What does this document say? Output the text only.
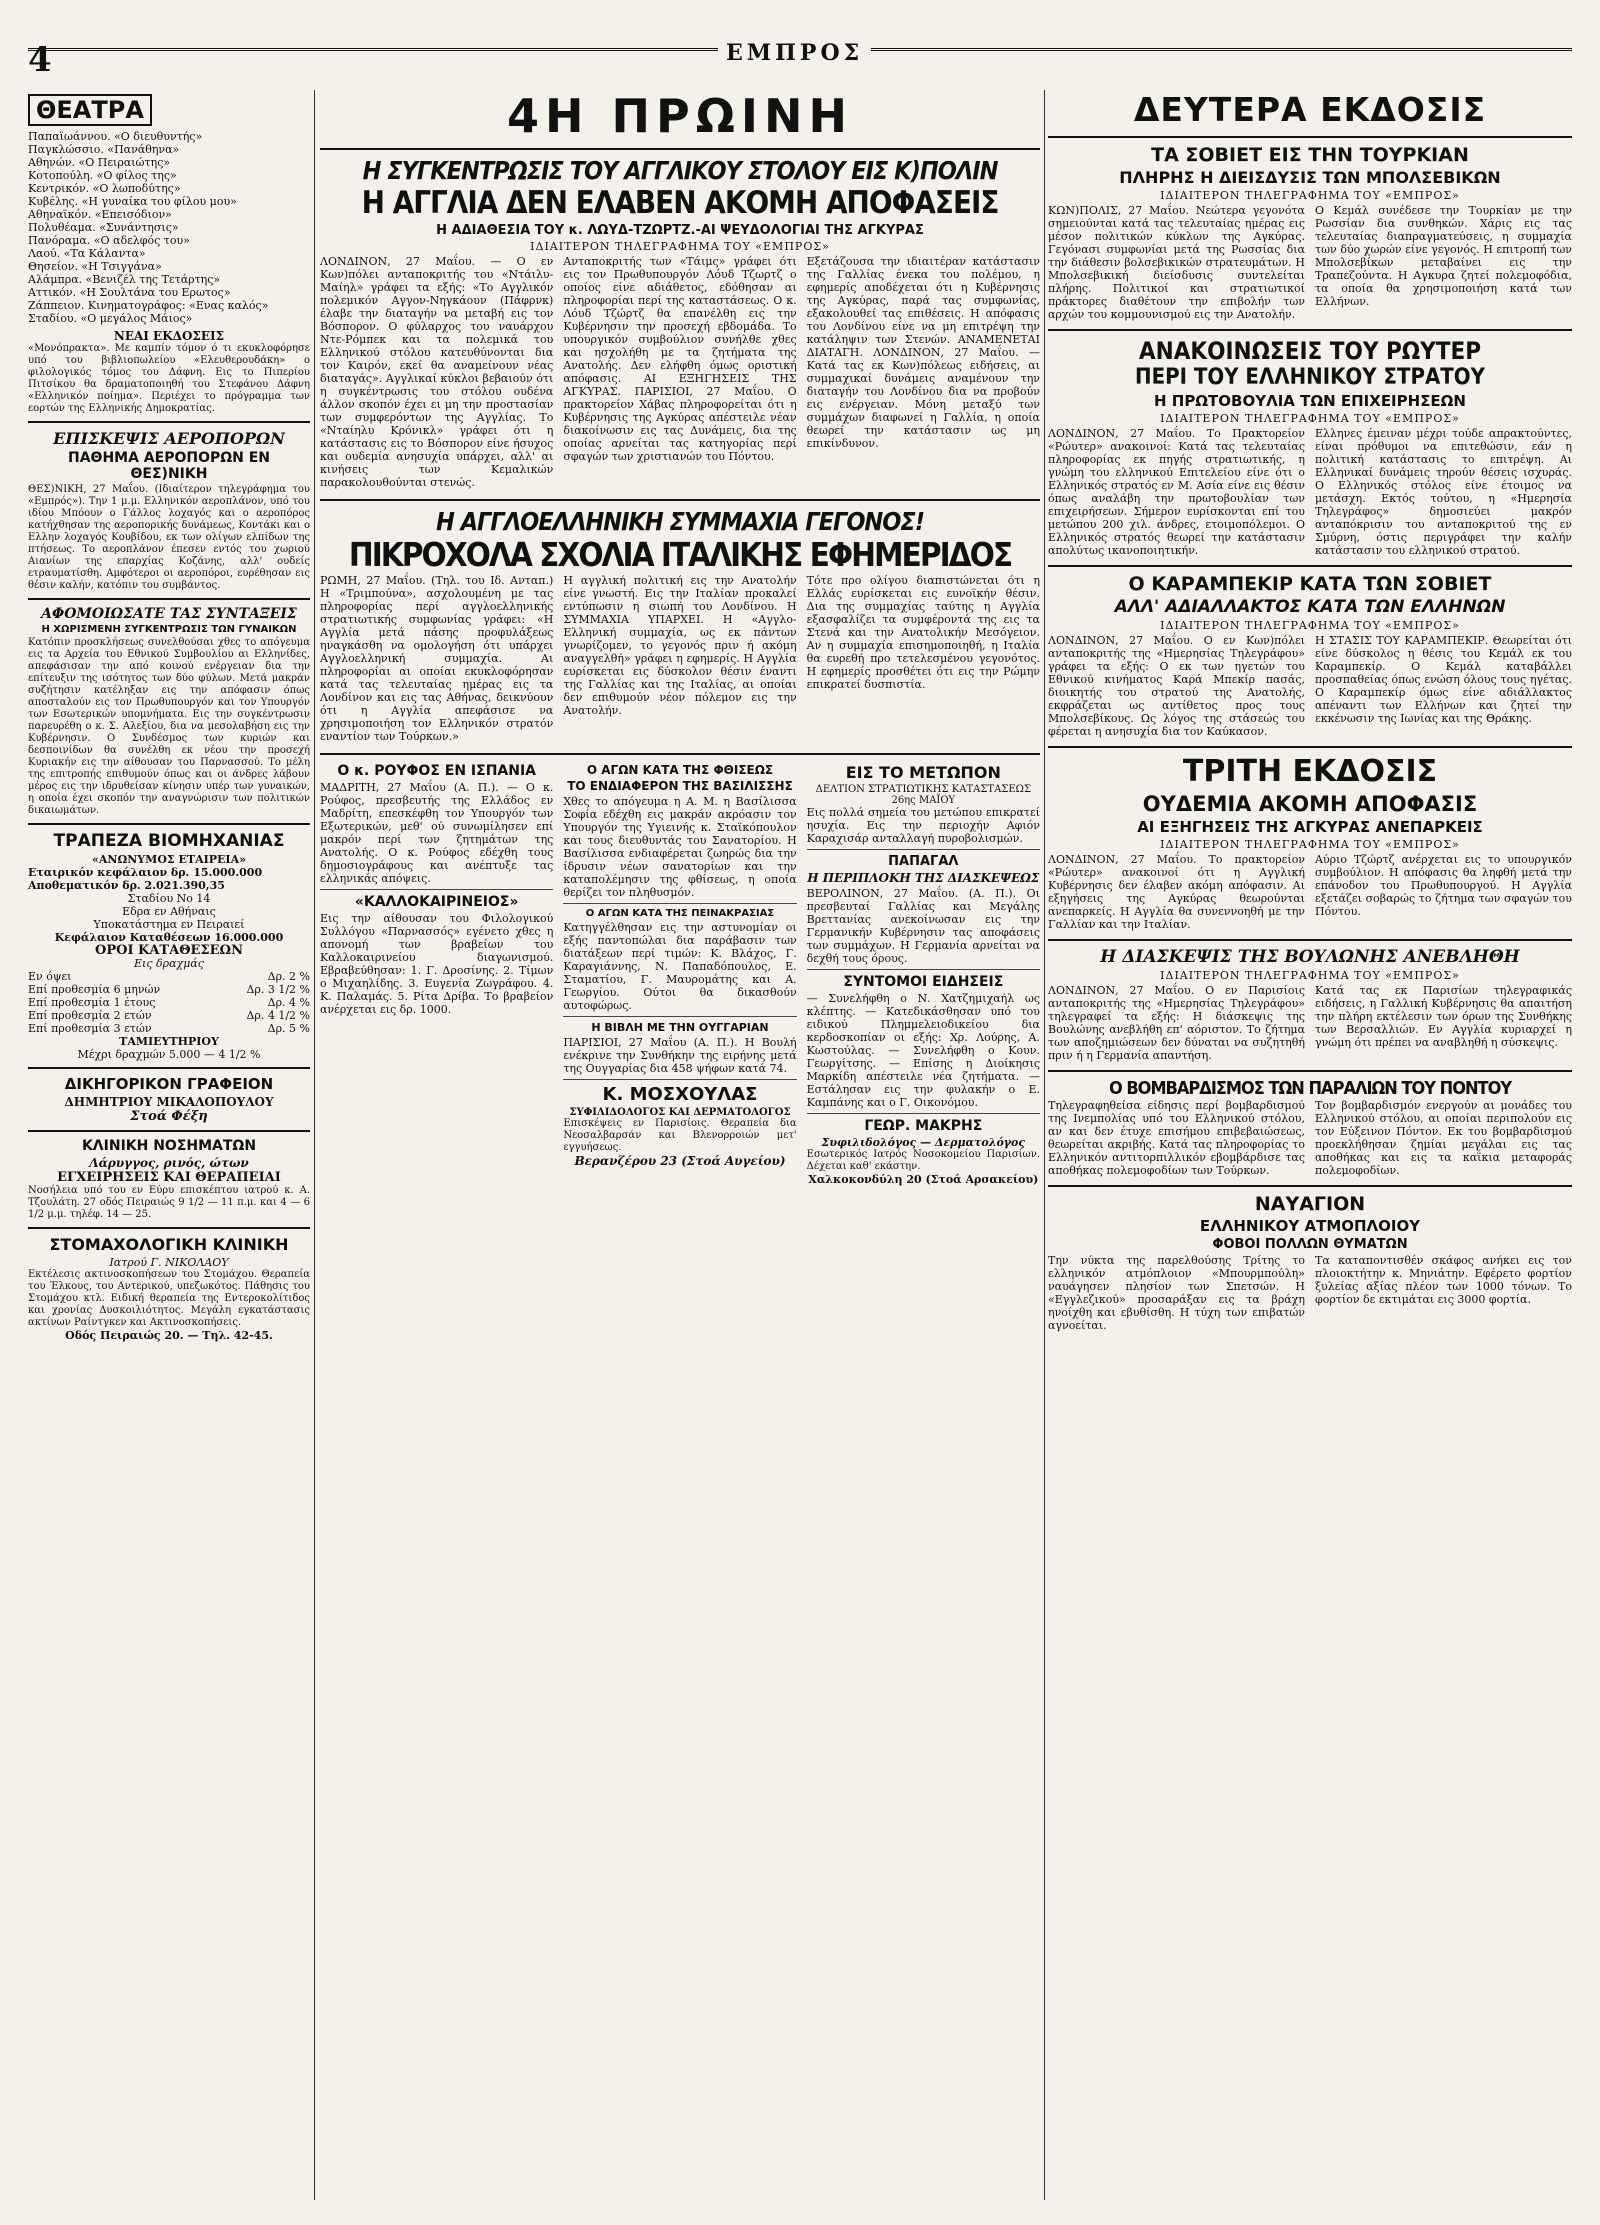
4	ΕΜΠΡΟΣ
ΘΕΑΤΡΑ
Παπαϊωάννου. «Ο διευθυντής»
Παγκλώσσιο. «Πανάθηνα»
Αθηνών. «Ο Πειραιώτης»
Κοτοπούλη. «Ο φίλος της»
Κεντρικόν. «Ο λωποδύτης»
Κυβέλης. «Η γυναίκα του φίλου μου»
Αθηναϊκόν. «Επεισόδιον»
Πολυθέαμα. «Συνάντησις»
Πανόραμα. «Ο αδελφός του»
Λαού. «Τα Κάλαντα»
Θησείον. «Η Τσιγγάνα»
Αλάμπρα. «Βενιζέλ της Τετάρτης»
Αττικόν. «Η Σουλτάνα του Ερωτος»
Ζάππειον. Κινηματογράφος: «Ενας καλός»
Σταδίου. «Ο μεγάλος Μάιος»
ΝΕΑΙ ΕΚΔΟΣΕΙΣ

«Μονόπρακτα». Με καμπίν τόμον ό τι εκυκλοφόρησε υπό του βιβλιοπωλείου «Ελευθερουδάκη» ο φιλολογικός τόμος του Δάφνη. Εις το Πιπερίου Πιτσίκου θα δραματοποιηθή του Στεφάνου Δάφνη «Ελληνικόν ποίημα». Περιέχει το πρόγραμμα των εορτών της Ελληνικής Δημοκρατίας.

ΕΠΙΣΚΕΨΙΣ ΑΕΡΟΠΟΡΩΝ
ΠΑΘΗΜΑ ΑΕΡΟΠΟΡΩΝ ΕΝ ΘΕΣ)ΝΙΚΗ

ΘΕΣ)ΝΙΚΗ, 27 Μαΐου. (Ιδιαίτερον τηλεγράφημα του «Εμπρός»). Την 1 μ.μ. Ελληνικόν αεροπλάνον, υπό του ιδίου Μπόουν ο Γάλλος λοχαγός και ο αεροπόρος κατήχθησαν της αεροπορικής δυνάμεως, Κοντάκι και ο Ελλην λοχαγός Κουβίδου, εκ των ολίγων ελπίδων της πτήσεως. Το αεροπλάνον έπεσεν εντός του χωριού Αιανίων της επαρχίας Κοζάνης, αλλ' ουδείς ετραυματίσθη. Αμφότεροι οι αεροπόροι, ευρέθησαν εις θέσιν καλήν, κατόπιν του συμβάντος.

ΑΦΟΜΟΙΩΣΑΤΕ ΤΑΣ ΣΥΝΤΑΞΕΙΣ
Η ΧΩΡΙΣΜΕΝΗ ΣΥΓΚΕΝΤΡΩΣΙΣ ΤΩΝ ΓΥΝΑΙΚΩΝ

Κατόπιν προσκλήσεως συνελθούσαι χθες το απόγευμα εις τα Αρχεία του Εθνικού Συμβουλίου αι Ελληνίδες, απεφάσισαν την από κοινού ενέργειαν δια την επίτευξιν της ισότητος των δύο φύλων. Μετά μακράν συζήτησιν κατέληξαν εις την απόφασιν όπως αποσταλούν εις τον Πρωθυπουργόν και τον Υπουργόν των Εσωτερικών υπομνήματα. Εις την συγκέντρωσιν παρευρέθη ο κ. Σ. Αλεξίου, δια να μεσολαβήση εις την Κυβέρνησιν. Ο Συνδέσμος των κυριών και δεσποινίδων θα συνέλθη εκ νέου την προσεχή Κυριακήν εις την αίθουσαν του Παρνασσού. Το μέλη της επιτροπής επιθυμούν όπως και οι άνδρες λάβουν μέρος εις την ιδρυθείσαν κίνησιν υπέρ των γυναικών, η οποία έχει σκοπόν την αναγνώρισιν των πολιτικών δικαιωμάτων.

ΤΡΑΠΕΖΑ ΒΙΟΜΗΧΑΝΙΑΣ
«ΑΝΩΝΥΜΟΣ ΕΤΑΙΡΕΙΑ»
Εταιρικόν κεφάλαιον δρ. 15.000.000
Αποθεματικόν δρ. 2.021.390,35
Σταδίου Νο 14
Εδρα εν Αθήναις
Υποκατάστημα εν Πειραιεί
Κεφάλαιον Καταθέσεων 16.000.000
ΟΡΟΙ ΚΑΤΑΘΕΣΕΩΝ
Εις δραχμάς
Εν όψει	Δρ. 2 %
Επί προθεσμία 6 μηνών	Δρ. 3 1/2 %
Επί προθεσμία 1 έτους	Δρ. 4 %
Επί προθεσμία 2 ετών	Δρ. 4 1/2 %
Επί προθεσμία 3 ετών	Δρ. 5 %
ΤΑΜΙΕΥΤΗΡΙΟΥ
Μέχρι δραχμών 5.000 — 4 1/2 %
ΔΙΚΗΓΟΡΙΚΟΝ ΓΡΑΦΕΙΟΝ
ΔΗΜΗΤΡΙΟΥ ΜΙΚΑΛΟΠΟΥΛΟΥ
Στοά Φέξη
ΚΛΙΝΙΚΗ ΝΟΣΗΜΑΤΩΝ
Λάρυγγος, ρινός, ώτων
ΕΓΧΕΙΡΗΣΕΙΣ ΚΑΙ ΘΕΡΑΠΕΙΑΙ

Νοσήλεια υπό του εν Εύρυ επισκέπτου ιατρού κ. Α. Τζουλάτη. 27 οδός Πειραιώς 9 1/2 — 11 π.μ. και 4 — 6 1/2 μ.μ. τηλέφ. 14 — 25.

ΣΤΟΜΑΧΟΛΟΓΙΚΗ ΚΛΙΝΙΚΗ
Ιατρού Γ. ΝΙΚΟΛΑΟΥ

Εκτέλεσις ακτινοσκοπήσεων του Στομάχου. Θεραπεία του Έλκους, του Αντερικού, υπεζωκότος. Πάθησις του Στομάχου κτλ. Ειδική θεραπεία της Εντεροκολίτιδος και χρονίας Δυσκοιλιότητος. Μεγάλη εγκατάστασις ακτίνων Ραίντγκεν και Ακτινοσκοπήσεις.

Οδός Πειραιώς 20. — Τηλ. 42-45.
4Η ΠΡΩΙΝΗ
Η ΣΥΓΚΕΝΤΡΩΣΙΣ ΤΟΥ ΑΓΓΛΙΚΟΥ ΣΤΟΛΟΥ ΕΙΣ Κ)ΠΟΛΙΝ
Η ΑΓΓΛΙΑ ΔΕΝ ΕΛΑΒΕΝ ΑΚΟΜΗ ΑΠΟΦΑΣΕΙΣ
Η ΑΔΙΑΘΕΣΙΑ ΤΟΥ κ. ΛΩΥΔ-ΤΖΩΡΤΖ.-ΑΙ ΨΕΥΔΟΛΟΓΙΑΙ ΤΗΣ ΑΓΚΥΡΑΣ
ΙΔΙΑΙΤΕΡΟΝ ΤΗΛΕΓΡΑΦΗΜΑ ΤΟΥ «ΕΜΠΡΟΣ»

ΛΟΝΔΙΝΟΝ, 27 Μαΐου. — Ο εν Κων)πόλει ανταποκριτής του «Ντάιλυ-Μαίηλ» γράφει τα εξής: «Το Αγγλικόν πολεμικόν Αγγον-Νηγκάουν (Πάφρνκ) έλαβε την διαταγήν να μεταβή εις τον Βόσπορον. Ο φύλαρχος του ναυάρχου Ντε-Ρόμπεκ και τα πολεμικά του Ελληνικού στόλου κατευθύνονται δια τον Καιρόν, εκεί θα αναμείνουν νέας διαταγάς». Αγγλικαί κύκλοι βεβαιούν ότι η συγκέντρωσις του στόλου ουδένα άλλον σκοπόν έχει ει μη την προστασίαν των συμφερόντων της Αγγλίας. Το «Νταίηλυ Κρόνικλ» γράφει ότι η κατάστασις εις το Βόσπορον είνε ήσυχος και ουδεμία ανησυχία υπάρχει, αλλ' αι κινήσεις των Κεμαλικών παρακολουθούνται στενώς.

Ανταποκριτής των «Τάιμς» γράφει ότι εις τον Πρωθυπουργόν Λόυδ Τζωρτζ ο οποίος είνε αδιάθετος, εδόθησαν αι πληροφορίαι περί της καταστάσεως. Ο κ. Λόυδ Τζώρτζ θα επανέλθη εις την Κυβέρνησιν την προσεχή εβδομάδα. Το υπουργικόν συμβούλιον συνήλθε χθες και ησχολήθη με τα ζητήματα της Ανατολής. Δεν ελήφθη όμως οριστική απόφασις. ΑΙ ΕΞΗΓΗΣΕΙΣ ΤΗΣ ΑΓΚΥΡΑΣ. ΠΑΡΙΣΙΟΙ, 27 Μαΐου. Ο πρακτορείον Χάβας πληροφορείται ότι η Κυβέρνησις της Αγκύρας απέστειλε νέαν διακοίνωσιν εις τας Δυνάμεις, δια της οποίας αρνείται τας κατηγορίας περί σφαγών των χριστιανών του Πόντου.

Εξετάζουσα την ιδιαιτέραν κατάστασιν της Γαλλίας ένεκα του πολέμου, η εφημερίς αποδέχεται ότι η Κυβέρνησις της Αγκύρας, παρά τας συμφωνίας, εξακολουθεί τας επιθέσεις. Η απόφασις του Λονδίνου είνε να μη επιτρέψη την κατάληψιν των Στενών. ΑΝΑΜΕΝΕΤΑΙ ΔΙΑΤΑΓΗ. ΛΟΝΔΙΝΟΝ, 27 Μαΐου. — Κατά τας εκ Κων)πόλεως ειδήσεις, αι συμμαχικαί δυνάμεις αναμένουν την διαταγήν του Λονδίνου δια να προβούν εις ενέργειαν. Μόνη μεταξύ των συμμάχων διαφωνεί η Γαλλία, η οποία θεωρεί την κατάστασιν ως μη επικίνδυνον.

Η ΑΓΓΛΟΕΛΛΗΝΙΚΗ ΣΥΜΜΑΧΙΑ ΓΕΓΟΝΟΣ!
ΠΙΚΡΟΧΟΛΑ ΣΧΟΛΙΑ ΙΤΑΛΙΚΗΣ ΕΦΗΜΕΡΙΔΟΣ

ΡΩΜΗ, 27 Μαΐου. (Τηλ. του Ιδ. Ανταπ.) Η «Τριμπούνα», ασχολουμένη με τας πληροφορίας περί αγγλοελληνικής στρατιωτικής συμφωνίας γράφει: «Η Αγγλία μετά πάσης προφυλάξεως ηναγκάσθη να ομολογήση ότι υπάρχει Αγγλοελληνική συμμαχία. Αι πληροφορίαι αι οποίαι εκυκλοφόρησαν κατά τας τελευταίας ημέρας εις τα Λονδίνον και εις τας Αθήνας, δεικνύουν ότι η Αγγλία απεφάσισε να χρησιμοποιήση τον Ελληνικόν στρατόν εναντίον των Τούρκων.»

Η αγγλική πολιτική εις την Ανατολήν είνε γνωστή. Εις την Ιταλίαν προκαλεί εντύπωσιν η σιωπή του Λονδίνου. Η ΣΥΜΜΑΧΙΑ ΥΠΑΡΧΕΙ. Η «Αγγλο-Ελληνική συμμαχία, ως εκ πάντων γνωρίζομεν, το γεγονός πριν ή ακόμη αναγγελθή» γράφει η εφημερίς. Η Αγγλία ευρίσκεται εις δύσκολον θέσιν έναντι της Γαλλίας και της Ιταλίας, αι οποίαι δεν επιθυμούν νέον πόλεμον εις την Ανατολήν.

Τότε προ ολίγου διαπιστώνεται ότι η Ελλάς ευρίσκεται εις ευνοϊκήν θέσιν. Δια της συμμαχίας ταύτης η Αγγλία εξασφαλίζει τα συμφέροντά της εις τα Στενά και την Ανατολικήν Μεσόγειον. Αν η συμμαχία επισημοποιηθή, η Ιταλία θα ευρεθή προ τετελεσμένου γεγονότος. Η εφημερίς προσθέτει ότι εις την Ρώμην επικρατεί δυσπιστία.

Ο κ. ΡΟΥΦΟΣ ΕΝ ΙΣΠΑΝΙΑ

ΜΑΔΡΙΤΗ, 27 Μαΐου (Α. Π.). — Ο κ. Ρούφος, πρεσβευτής της Ελλάδος εν Μαδρίτη, επεσκέφθη τον Υπουργόν των Εξωτερικών, μεθ' ού συνωμίλησεν επί μακρόν περί των ζητημάτων της Ανατολής. Ο κ. Ρούφος εδέχθη τους δημοσιογράφους και ανέπτυξε τας ελληνικάς απόψεις.

«ΚΑΛΛΟΚΑΙΡΙΝΕΙΟΣ»

Εις την αίθουσαν του Φιλολογικού Συλλόγου «Παρνασσός» εγένετο χθες η απονομή των βραβείων του Καλλοκαιρινείου διαγωνισμού. Εβραβεύθησαν: 1. Γ. Δροσίνης. 2. Τίμων ο Μιχαηλίδης. 3. Ευγενία Ζωγράφου. 4. Κ. Παλαμάς. 5. Ρίτα Δρίβα. Το βραβείον ανέρχεται εις δρ. 1000.

Ο ΑΓΩΝ ΚΑΤΑ ΤΗΣ ΦΘΙΣΕΩΣ
ΤΟ ΕΝΔΙΑΦΕΡΟΝ ΤΗΣ ΒΑΣΙΛΙΣΣΗΣ

Χθες το απόγευμα η Α. Μ. η Βασίλισσα Σοφία εδέχθη εις μακράν ακρόασιν τον Υπουργόν της Υγιεινής κ. Σταϊκόπουλον και τους διευθυντάς του Σανατορίου. Η Βασίλισσα ενδιαφέρεται ζωηρώς δια την ίδρυσιν νέων σανατορίων και την καταπολέμησιν της φθίσεως, η οποία θερίζει τον πληθυσμόν.

Ο ΑΓΩΝ ΚΑΤΑ ΤΗΣ ΠΕΙΝΑΚΡΑΣΙΑΣ

Κατηγγέλθησαν εις την αστυνομίαν οι εξής παντοπώλαι δια παράβασιν των διατάξεων περί τιμών: Κ. Βλάχος, Γ. Καραγιάννης, Ν. Παπαδόπουλος, Ε. Σταματίου, Γ. Μαυρομάτης και Α. Γεωργίου. Ούτοι θα δικασθούν αυτοφώρως.

Η ΒΙΒΛΗ ΜΕ ΤΗΝ ΟΥΓΓΑΡΙΑΝ

ΠΑΡΙΣΙΟΙ, 27 Μαΐου (Α. Π.). Η Βουλή ενέκρινε την Συνθήκην της ειρήνης μετά της Ουγγαρίας δια 458 ψήφων κατά 74.

Κ. ΜΟΣΧΟΥΛΑΣ
ΣΥΦΙΛΙΔΟΛΟΓΟΣ ΚΑΙ ΔΕΡΜΑΤΟΛΟΓΟΣ

Επισκέψεις εν Παρισίοις. Θεραπεία δια Νεοσαλβαρσάν και Βλενορροιών μετ' εγγυήσεως.

Βερανζέρου 23 (Στοά Αυγείου)
ΕΙΣ ΤΟ ΜΕΤΩΠΟΝ
ΔΕΛΤΙΟΝ ΣΤΡΑΤΙΩΤΙΚΗΣ ΚΑΤΑΣΤΑΣΕΩΣ 26ης ΜΑΪΟΥ

Εις πολλά σημεία του μετώπου επικρατεί ησυχία. Εις την περιοχήν Αφιόν Καραχισάρ ανταλλαγή πυροβολισμών.

ΠΑΠΑΓΑΛ
Η ΠΕΡΙΠΛΟΚΗ ΤΗΣ ΔΙΑΣΚΕΨΕΩΣ

ΒΕΡΟΛΙΝΟΝ, 27 Μαΐου. (Α. Π.). Οι πρεσβευταί Γαλλίας και Μεγάλης Βρεττανίας ανεκοίνωσαν εις την Γερμανικήν Κυβέρνησιν τας αποφάσεις των συμμάχων. Η Γερμανία αρνείται να δεχθή τους όρους.

ΣΥΝΤΟΜΟΙ ΕΙΔΗΣΕΙΣ

— Συνελήφθη ο Ν. Χατζημιχαήλ ως κλέπτης. — Κατεδικάσθησαν υπό του ειδικού Πλημμελειοδικείου δια κερδοσκοπίαν οι εξής: Χρ. Λούρης, Α. Κωστούλας. — Συνελήφθη ο Κουν. Γεωργίτσης. — Επίσης η Διοίκησις Μαρκίδη απέστειλε νέα ζητήματα. — Εστάλησαν εις την φυλακήν ο Ε. Καμπάνης και ο Γ. Οικονόμου.

ΓΕΩΡ. ΜΑΚΡΗΣ
Συφιλιδολόγος — Δερματολόγος

Εσωτερικός Ιατρός Νοσοκομείου Παρισίων. Δέχεται καθ' εκάστην.

Χαλκοκονδύλη 20 (Στοά Αρσακείου)
ΔΕΥΤΕΡΑ ΕΚΔΟΣΙΣ
ΤΑ ΣΟΒΙΕΤ ΕΙΣ ΤΗΝ ΤΟΥΡΚΙΑΝ
ΠΛΗΡΗΣ Η ΔΙΕΙΣΔΥΣΙΣ ΤΩΝ ΜΠΟΛΣΕΒΙΚΩΝ
ΙΔΙΑΙΤΕΡΟΝ ΤΗΛΕΓΡΑΦΗΜΑ ΤΟΥ «ΕΜΠΡΟΣ»

ΚΩΝ)ΠΟΛΙΣ, 27 Μαΐου. Νεώτερα γεγονότα σημειούνται κατά τας τελευταίας ημέρας εις μέσον πολιτικών κύκλων της Αγκύρας. Γεγόνασι συμφωνίαι μετά της Ρωσσίας δια την διάθεσιν βολσεβικικών στρατευμάτων. Η Μπολσεβικική διείσδυσις συντελείται πλήρης. Πολιτικοί και στρατιωτικοί πράκτορες διαθέτουν την επιβολήν των αρχών του κομμουνισμού εις την Ανατολήν.

Ο Κεμάλ συνέδεσε την Τουρκίαν με την Ρωσσίαν δια συνθηκών. Χάρις εις τας τελευταίας διαπραγματεύσεις, η συμμαχία των δύο χωρών είνε γεγονός. Η επιτροπή των Μπολσεβίκων μεταβαίνει εις την Τραπεζούντα. Η Αγκυρα ζητεί πολεμοφόδια, τα οποία θα χρησιμοποιήση κατά των Ελλήνων.

ΑΝΑΚΟΙΝΩΣΕΙΣ ΤΟΥ ΡΩΥΤΕΡ
ΠΕΡΙ ΤΟΥ ΕΛΛΗΝΙΚΟΥ ΣΤΡΑΤΟΥ
Η ΠΡΩΤΟΒΟΥΛΙΑ ΤΩΝ ΕΠΙΧΕΙΡΗΣΕΩΝ
ΙΔΙΑΙΤΕΡΟΝ ΤΗΛΕΓΡΑΦΗΜΑ ΤΟΥ «ΕΜΠΡΟΣ»

ΛΟΝΔΙΝΟΝ, 27 Μαΐου. Το Πρακτορείον «Ρώυτερ» ανακοινοί: Κατά τας τελευταίας πληροφορίας εκ πηγής στρατιωτικής, η γνώμη του ελληνικού Επιτελείου είνε ότι ο Ελληνικός στρατός εν Μ. Ασία είνε εις θέσιν όπως αναλάβη την πρωτοβουλίαν των επιχειρήσεων. Σήμερον ευρίσκονται επί του μετώπου 200 χιλ. άνδρες, ετοιμοπόλεμοι. Ο Ελληνικός στρατός θεωρεί την κατάστασιν απολύτως ικανοποιητικήν.

Ελληνες έμειναν μέχρι τούδε απρακτούντες, είναι πρόθυμοι να επιτεθώσιν, εάν η πολιτική κατάστασις το επιτρέψη. Αι Ελληνικαί δυνάμεις τηρούν θέσεις ισχυράς. Ο Ελληνικός στόλος είνε έτοιμος να μετάσχη. Εκτός τούτου, η «Ημερησία Τηλεγράφος» δημοσιεύει μακρόν ανταπόκρισιν του ανταποκριτού της εν Σμύρνη, όστις περιγράφει την καλήν κατάστασιν του ελληνικού στρατού.

Ο ΚΑΡΑΜΠΕΚΙΡ ΚΑΤΑ ΤΩΝ ΣΟΒΙΕΤ
ΑΛΛ' ΑΔΙΑΛΛΑΚΤΟΣ ΚΑΤΑ ΤΩΝ ΕΛΛΗΝΩΝ
ΙΔΙΑΙΤΕΡΟΝ ΤΗΛΕΓΡΑΦΗΜΑ ΤΟΥ «ΕΜΠΡΟΣ»

ΛΟΝΔΙΝΟΝ, 27 Μαΐου. Ο εν Κων)πόλει ανταποκριτής της «Ημερησίας Τηλεγράφου» γράφει τα εξής: Ο εκ των ηγετών του Εθνικού κινήματος Καρά Μπεκίρ πασάς, διοικητής του στρατού της Ανατολής, εκφράζεται ως αντίθετος προς τους Μπολσεβίκους. Ως λόγος της στάσεώς του φέρεται η ανησυχία δια τον Καύκασον.

Η ΣΤΑΣΙΣ ΤΟΥ ΚΑΡΑΜΠΕΚΙΡ. Θεωρείται ότι είνε δύσκολος η θέσις του Κεμάλ εκ του Καραμπεκίρ. Ο Κεμάλ καταβάλλει προσπαθείας όπως ενώση όλους τους ηγέτας. Ο Καραμπεκίρ όμως είνε αδιάλλακτος απέναντι των Ελλήνων και ζητεί την εκκένωσιν της Ιωνίας και της Θράκης.

ΤΡΙΤΗ ΕΚΔΟΣΙΣ
ΟΥΔΕΜΙΑ ΑΚΟΜΗ ΑΠΟΦΑΣΙΣ
ΑΙ ΕΞΗΓΗΣΕΙΣ ΤΗΣ ΑΓΚΥΡΑΣ ΑΝΕΠΑΡΚΕΙΣ
ΙΔΙΑΙΤΕΡΟΝ ΤΗΛΕΓΡΑΦΗΜΑ ΤΟΥ «ΕΜΠΡΟΣ»

ΛΟΝΔΙΝΟΝ, 27 Μαΐου. Το πρακτορείον «Ρώυτερ» ανακοινοί ότι η Αγγλική Κυβέρνησις δεν έλαβεν ακόμη απόφασιν. Αι εξηγήσεις της Αγκύρας θεωρούνται ανεπαρκείς. Η Αγγλία θα συνεννοηθή με την Γαλλίαν και την Ιταλίαν.

Αύριο Τζώρτζ ανέρχεται εις το υπουργικόν συμβούλιον. Η απόφασις θα ληφθή μετά την επάνοδον του Πρωθυπουργού. Η Αγγλία εξετάζει σοβαρώς το ζήτημα των σφαγών του Πόντου.

Η ΔΙΑΣΚΕΨΙΣ ΤΗΣ ΒΟΥΛΩΝΗΣ ΑΝΕΒΛΗΘΗ
ΙΔΙΑΙΤΕΡΟΝ ΤΗΛΕΓΡΑΦΗΜΑ ΤΟΥ «ΕΜΠΡΟΣ»

ΛΟΝΔΙΝΟΝ, 27 Μαΐου. Ο εν Παρισίοις ανταποκριτής της «Ημερησίας Τηλεγράφου» τηλεγραφεί τα εξής: Η διάσκεψις της Βουλώνης ανεβλήθη επ' αόριστον. Το ζήτημα των αποζημιώσεων δεν δύναται να συζητηθή πριν ή η Γερμανία απαντήση.

Κατά τας εκ Παρισίων τηλεγραφικάς ειδήσεις, η Γαλλική Κυβέρνησις θα απαιτήση την πλήρη εκτέλεσιν των όρων της Συνθήκης των Βερσαλλιών. Εν Αγγλία κυριαρχεί η γνώμη ότι πρέπει να αναβληθή η σύσκεψις.

Ο ΒΟΜΒΑΡΔΙΣΜΟΣ ΤΩΝ ΠΑΡΑΛΙΩΝ ΤΟΥ ΠΟΝΤΟΥ

Τηλεγραφηθείσα είδησις περί βομβαρδισμού της Ινεμπολίας υπό του Ελληνικού στόλου, αν και δεν έτυχε επισήμου επιβεβαιώσεως, θεωρείται ακριβής. Κατά τας πληροφορίας το Ελληνικόν αντιτορπιλλικόν εβομβάρδισε τας αποθήκας πολεμοφοδίων των Τούρκων.

Τον βομβαρδισμόν ενεργούν αι μονάδες του Ελληνικού στόλου, αι οποίαι περιπολούν εις τον Εύξεινον Πόντον. Εκ του βομβαρδισμού προεκλήθησαν ζημίαι μεγάλαι εις τας αποθήκας και εις τα καΐκια μεταφοράς πολεμοφοδίων.

ΝΑΥΑΓΙΟΝ
ΕΛΛΗΝΙΚΟΥ ΑΤΜΟΠΛΟΙΟΥ
ΦΟΒΟΙ ΠΟΛΛΩΝ ΘΥΜΑΤΩΝ

Την νύκτα της παρελθούσης Τρίτης το ελληνικόν ατμόπλοιον «Μπουρμπούλη» ναυάγησεν πλησίον των Σπετσών. Η «Εγγλεζικού» προσαράξαν εις τα βράχη ηνοίχθη και εβυθίσθη. Η τύχη των επιβατών αγνοείται.

Τα καταποντισθέν σκάφος ανήκει εις τον πλοιοκτήτην κ. Μηνιάτην. Εφέρετο φορτίον ξυλείας αξίας πλέον των 1000 τόνων. Το φορτίον δε εκτιμάται εις 3000 φορτία.
